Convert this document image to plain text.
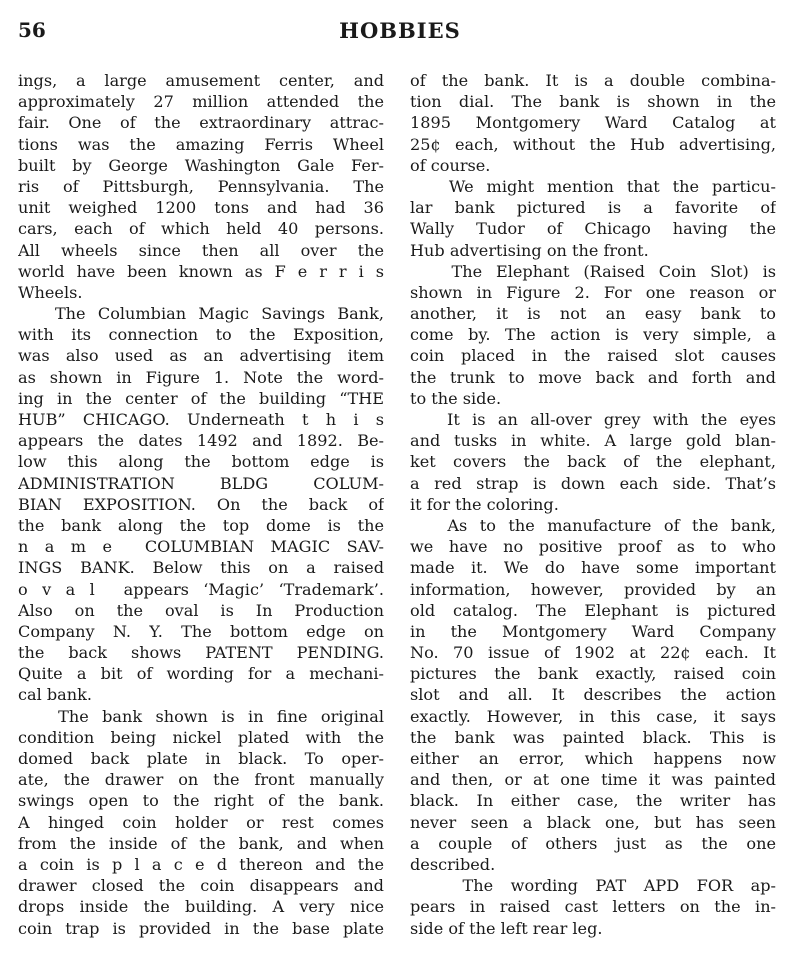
56	HOBBIES
ings, a large amusement center, and
approximately 27 million attended the
fair. One of the extraordinary attrac-
tions was the amazing Ferris Wheel
built by George Washington Gale Fer-
ris of Pittsburgh, Pennsylvania. The
unit weighed 1200 tons and had 36
cars, each of which held 40 persons.
All wheels since then all over the
world have been known as F e r r i s
Wheels.
The Columbian Magic Savings Bank,
with its connection to the Exposition,
was also used as an advertising item
as shown in Figure 1. Note the word-
ing in the center of the building “THE
HUB” CHICAGO. Underneath t h i s
appears the dates 1492 and 1892. Be-
low this along the bottom edge is
ADMINISTRATION BLDG COLUM-
BIAN EXPOSITION. On the back of
the bank along the top dome is the
n a m e  COLUMBIAN MAGIC SAV-
INGS BANK. Below this on a raised
o v a l  appears ‘Magic’ ‘Trademark’.
Also on the oval is In Production
Company N. Y. The bottom edge on
the back shows PATENT PENDING.
Quite a bit of wording for a mechani-
cal bank.
The bank shown is in fine original
condition being nickel plated with the
domed back plate in black. To oper-
ate, the drawer on the front manually
swings open to the right of the bank.
A hinged coin holder or rest comes
from the inside of the bank, and when
a coin is p l a c e d thereon and the
drawer closed the coin disappears and
drops inside the building. A very nice
coin trap is provided in the base plate
of the bank. It is a double combina-
tion dial. The bank is shown in the
1895 Montgomery Ward Catalog at
25¢ each, without the Hub advertising,
of course.
We might mention that the particu-
lar bank pictured is a favorite of
Wally Tudor of Chicago having the
Hub advertising on the front.
The Elephant (Raised Coin Slot) is
shown in Figure 2. For one reason or
another, it is not an easy bank to
come by. The action is very simple, a
coin placed in the raised slot causes
the trunk to move back and forth and
to the side.
It is an all-over grey with the eyes
and tusks in white. A large gold blan-
ket covers the back of the elephant,
a red strap is down each side. That’s
it for the coloring.
As to the manufacture of the bank,
we have no positive proof as to who
made it. We do have some important
information, however, provided by an
old catalog. The Elephant is pictured
in the Montgomery Ward Company
No. 70 issue of 1902 at 22¢ each. It
pictures the bank exactly, raised coin
slot and all. It describes the action
exactly. However, in this case, it says
the bank was painted black. This is
either an error, which happens now
and then, or at one time it was painted
black. In either case, the writer has
never seen a black one, but has seen
a couple of others just as the one
described.
The wording PAT APD FOR ap-
pears in raised cast letters on the in-
side of the left rear leg.
